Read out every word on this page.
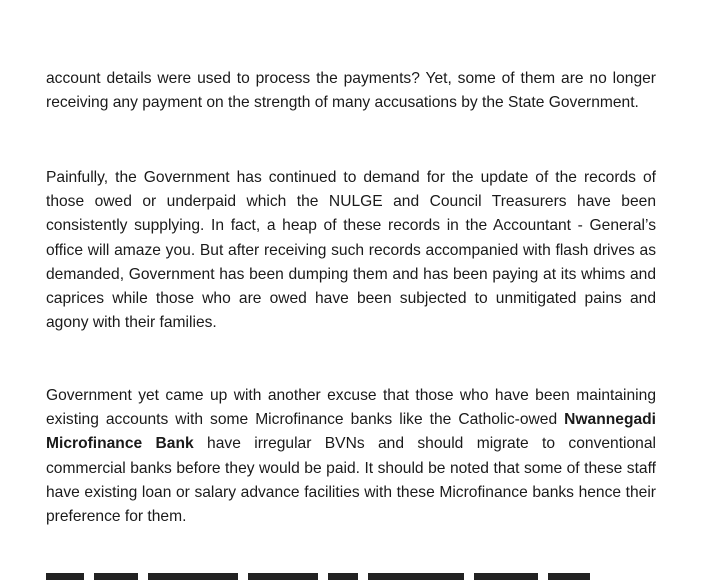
account details were used to process the payments? Yet, some of them are no longer receiving any payment on the strength of many accusations by the State Government.

Painfully, the Government has continued to demand for the update of the records of those owed or underpaid which the NULGE and Council Treasurers have been consistently supplying. In fact, a heap of these records in the Accountant - General’s office will amaze you. But after receiving such records accompanied with flash drives as demanded, Government has been dumping them and has been paying at its whims and caprices while those who are owed have been subjected to unmitigated pains and agony with their families.

Government yet came up with another excuse that those who have been maintaining existing accounts with some Microfinance banks like the Catholic-owed Nwannegadi Microfinance Bank have irregular BVNs and should migrate to conventional commercial banks before they would be paid. It should be noted that some of these staff have existing loan or salary advance facilities with these Microfinance banks hence their preference for them.
